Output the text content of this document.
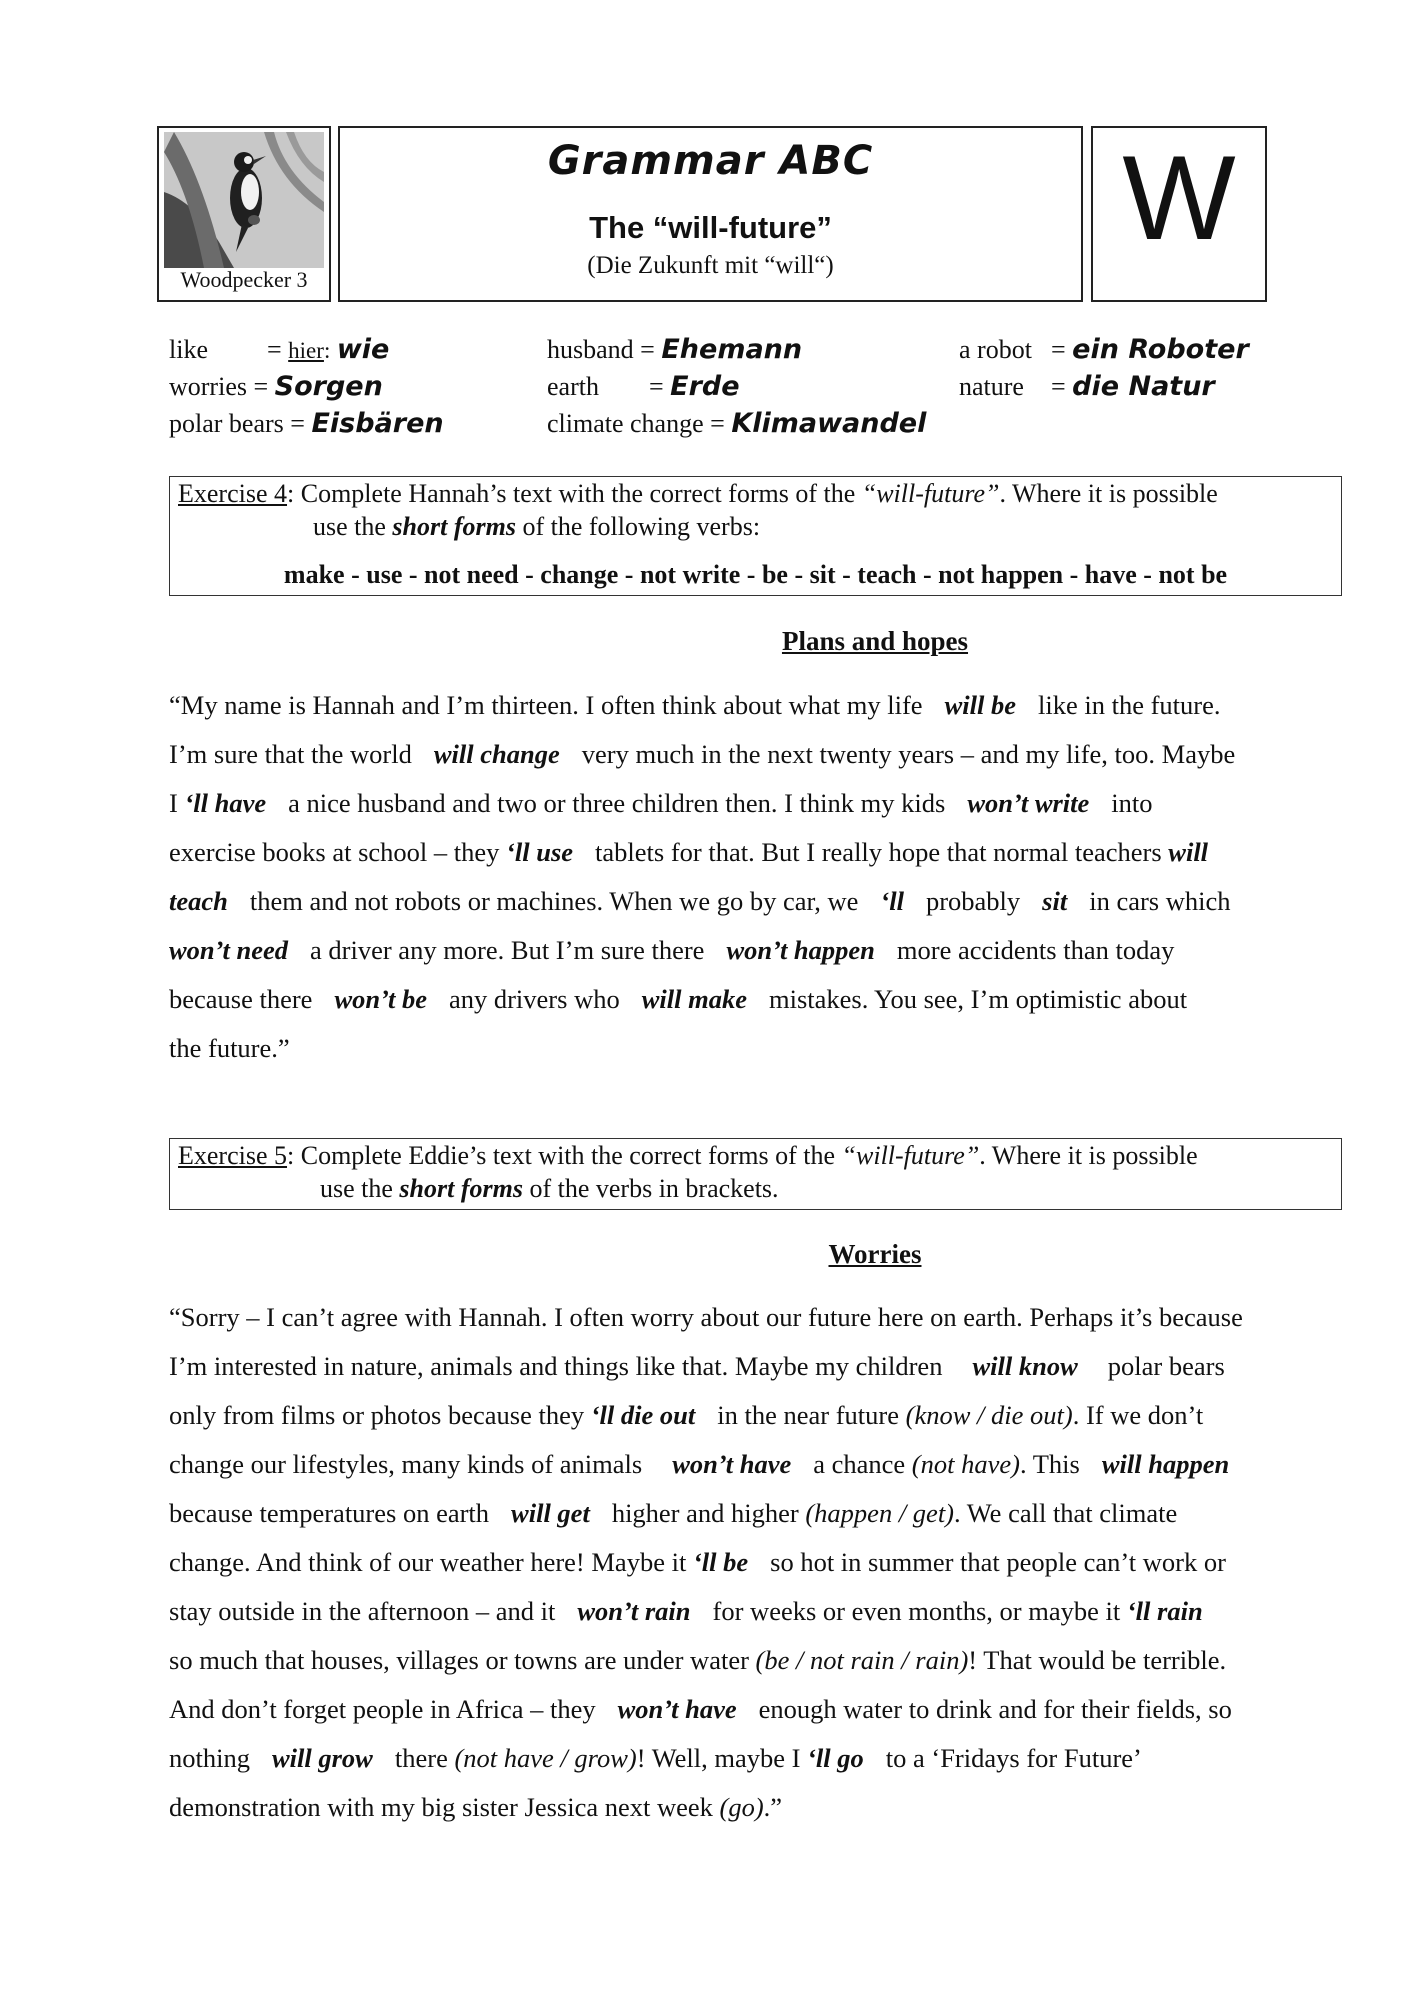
Woodpecker 3
Grammar ABC
The “will-future”
(Die Zukunft mit “will“)
W
like = hier: wie
worries = Sorgen
polar bears = Eisbären
husband = Ehemann
earth = Erde
climate change = Klimawandel
a robot = ein Roboter
nature = die Natur
Exercise 4: Complete Hannah’s text with the correct forms of the “will-future”. Where it is possible
use the short forms of the following verbs:
make - use - not need - change - not write - be - sit - teach - not happen - have - not be
Plans and hopes
“My name is Hannah and I’m thirteen. I often think about what my life will be like in the future.
I’m sure that the world will change very much in the next twenty years – and my life, too. Maybe
I ‘ll have a nice husband and two or three children then. I think my kids won’t write into
exercise books at school – they ‘ll use tablets for that. But I really hope that normal teachers will
teach them and not robots or machines. When we go by car, we ‘ll probably sit in cars which
won’t need a driver any more. But I’m sure there won’t happen more accidents than today
because there won’t be any drivers who will make mistakes. You see, I’m optimistic about
the future.”
Exercise 5: Complete Eddie’s text with the correct forms of the “will-future”. Where it is possible
use the short forms of the verbs in brackets.
Worries
“Sorry – I can’t agree with Hannah. I often worry about our future here on earth. Perhaps it’s because
I’m interested in nature, animals and things like that. Maybe my children will know polar bears
only from films or photos because they ‘ll die out in the near future (know / die out). If we don’t
change our lifestyles, many kinds of animals won’t have a chance (not have). This will happen
because temperatures on earth will get higher and higher (happen / get). We call that climate
change. And think of our weather here! Maybe it ‘ll be so hot in summer that people can’t work or
stay outside in the afternoon – and it won’t rain for weeks or even months, or maybe it ‘ll rain
so much that houses, villages or towns are under water (be / not rain / rain)! That would be terrible.
And don’t forget people in Africa – they won’t have enough water to drink and for their fields, so
nothing will grow there (not have / grow)! Well, maybe I ‘ll go to a ‘Fridays for Future’
demonstration with my big sister Jessica next week (go).”
